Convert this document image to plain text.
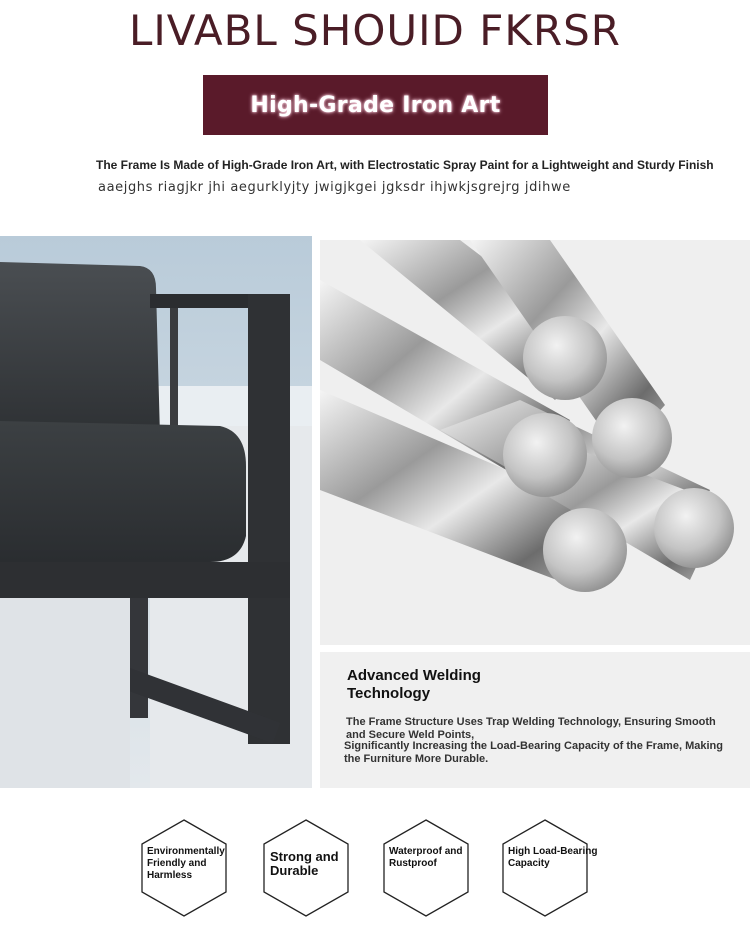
LIVABL SHOUID FKRSR
High-Grade Iron Art
The Frame Is Made of High-Grade Iron Art, with Electrostatic Spray Paint for a Lightweight and Sturdy Finish
aaejghs riagjkr jhi aegurklyjty jwigjkgei jgksdr ihjwkjsgrejrg jdihwe
Advanced Welding Technology
The Frame Structure Uses Trap Welding Technology, Ensuring Smooth and Secure Weld Points,
Significantly Increasing the Load-Bearing Capacity of the Frame, Making the Furniture More Durable.
Environmentally Friendly and Harmless
Strong and Durable
Waterproof and Rustproof
High Load-Bearing Capacity
